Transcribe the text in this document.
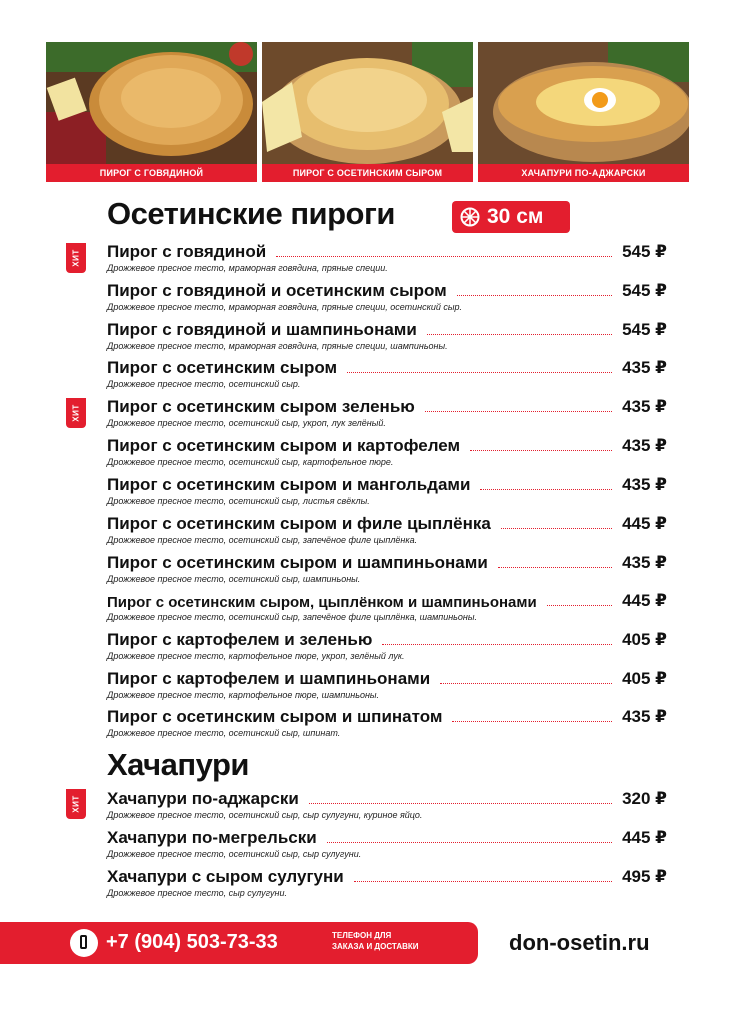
ПИРОГ С ГОВЯДИНОЙ	ПИРОГ С ОСЕТИНСКИМ СЫРОМ	ХАЧАПУРИ ПО-АДЖАРСКИ
Осетинские пироги	30 см
ХИТ Пирог с говядиной	545 ₽
Дрожжевое пресное тесто, мраморная говядина, пряные специи.
Пирог с говядиной и осетинским сыром	545 ₽
Дрожжевое пресное тесто, мраморная говядина, пряные специи, осетинский сыр.
Пирог с говядиной и шампиньонами	545 ₽
Дрожжевое пресное тесто, мраморная говядина, пряные специи, шампиньоны.
Пирог с осетинским сыром	435 ₽
Дрожжевое пресное тесто, осетинский сыр.
ХИТ Пирог с осетинским сыром зеленью	435 ₽
Дрожжевое пресное тесто, осетинский сыр, укроп, лук зелёный.
Пирог с осетинским сыром и картофелем	435 ₽
Дрожжевое пресное тесто, осетинский сыр, картофельное пюре.
Пирог с осетинским сыром и мангольдами	435 ₽
Дрожжевое пресное тесто, осетинский сыр, листья свёклы.
Пирог с осетинским сыром и филе цыплёнка	445 ₽
Дрожжевое пресное тесто, осетинский сыр, запечёное филе цыплёнка.
Пирог с осетинским сыром и шампиньонами	435 ₽
Дрожжевое пресное тесто, осетинский сыр, шампиньоны.
Пирог с осетинским сыром, цыплёнком и шампиньонами	445 ₽
Дрожжевое пресное тесто, осетинский сыр, запечёное филе цыплёнка, шампиньоны.
Пирог с картофелем и зеленью	405 ₽
Дрожжевое пресное тесто, картофельное пюре, укроп, зелёный лук.
Пирог с картофелем и шампиньонами	405 ₽
Дрожжевое пресное тесто, картофельное пюре, шампиньоны.
Пирог с осетинским сыром и шпинатом	435 ₽
Дрожжевое пресное тесто, осетинский сыр, шпинат.
Хачапури
ХИТ Хачапури по-аджарски	320 ₽
Дрожжевое пресное тесто, осетинский сыр, сыр сулугуни, куриное яйцо.
Хачапури по-мегрельски	445 ₽
Дрожжевое пресное тесто, осетинский сыр, сыр сулугуни.
Хачапури с сыром сулугуни	495 ₽
Дрожжевое пресное тесто, сыр сулугуни.
+7 (904) 503-73-33	ТЕЛЕФОН ДЛЯ
ЗАКАЗА И ДОСТАВКИ	don-osetin.ru
